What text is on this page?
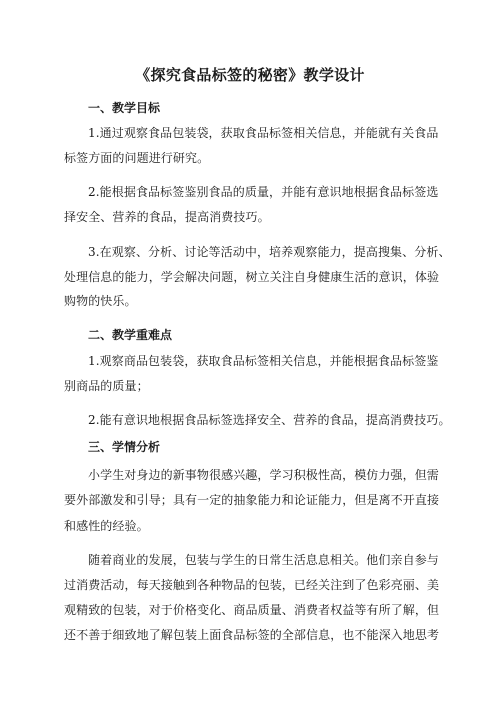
《探究食品标签的秘密》教学设计
一、教学目标
1.通过观察食品包装袋，获取食品标签相关信息，并能就有关食品
标签方面的问题进行研究。
2.能根据食品标签鉴别食品的质量，并能有意识地根据食品标签选
择安全、营养的食品，提高消费技巧。
3.在观察、分析、讨论等活动中，培养观察能力，提高搜集、分析、
处理信息的能力，学会解决问题，树立关注自身健康生活的意识，体验
购物的快乐。
二、教学重难点
1.观察商品包装袋，获取食品标签相关信息，并能根据食品标签鉴
别商品的质量；
2.能有意识地根据食品标签选择安全、营养的食品，提高消费技巧。
三、学情分析
小学生对身边的新事物很感兴趣，学习积极性高，模仿力强，但需
要外部激发和引导；具有一定的抽象能力和论证能力，但是离不开直接
和感性的经验。
随着商业的发展，包装与学生的日常生活息息相关。他们亲自参与
过消费活动，每天接触到各种物品的包装，已经关注到了色彩亮丽、美
观精致的包装，对于价格变化、商品质量、消费者权益等有所了解，但
还不善于细致地了解包装上面食品标签的全部信息，也不能深入地思考
